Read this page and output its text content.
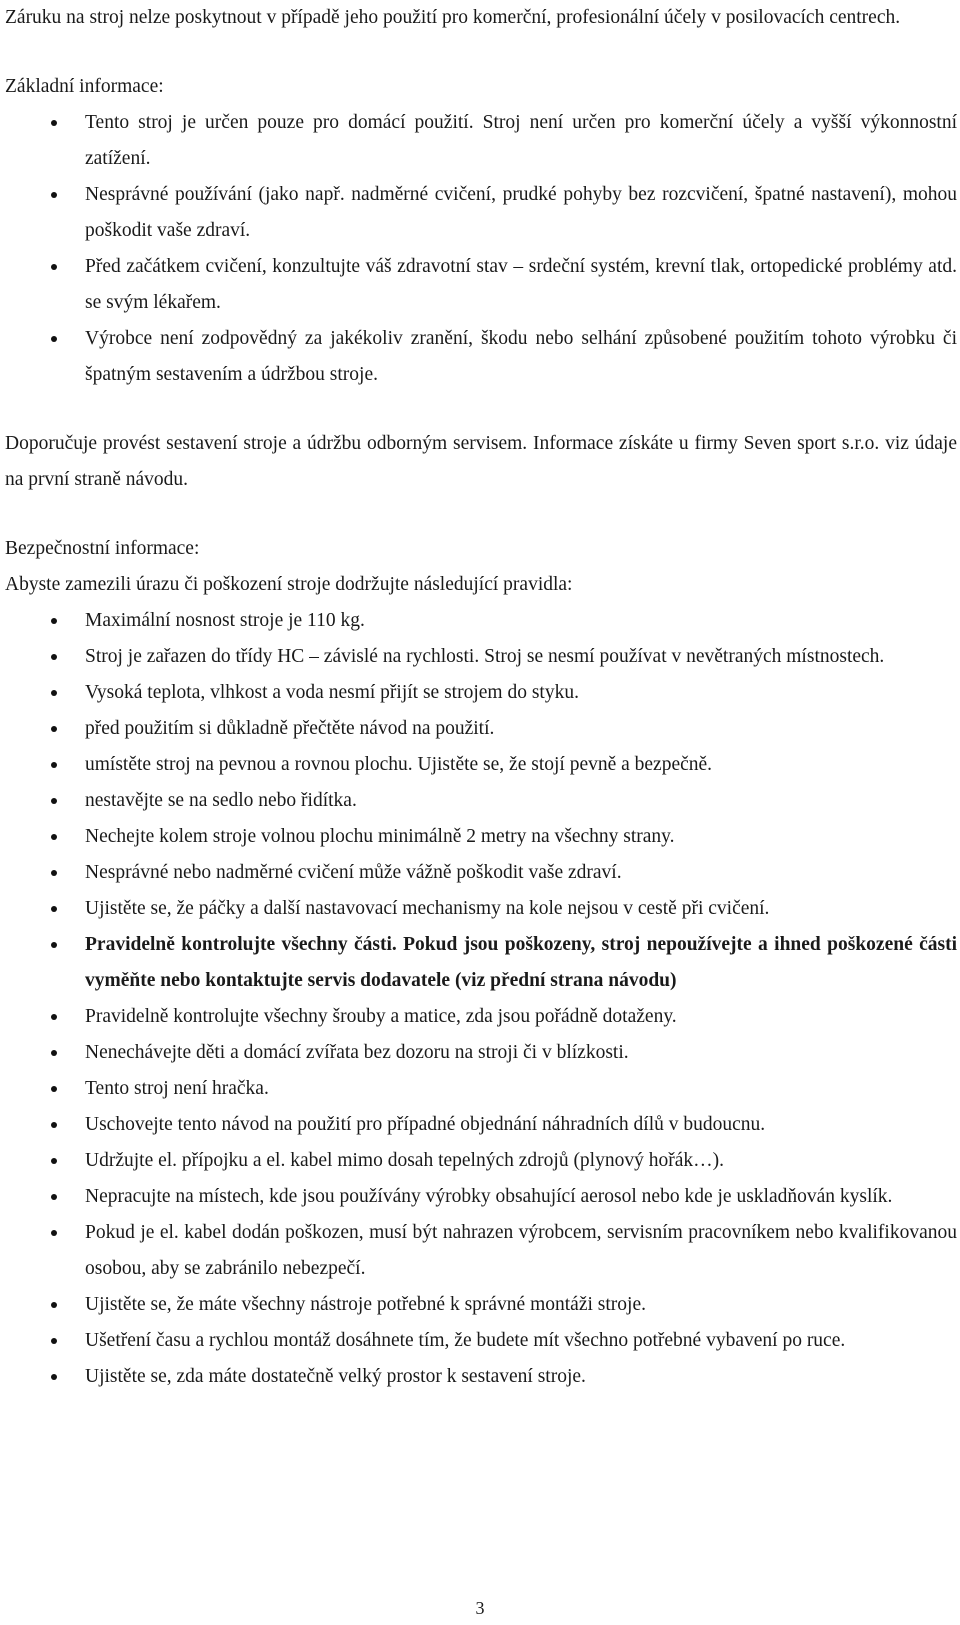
Záruku na stroj nelze poskytnout v případě jeho použití pro komerční, profesionální účely v posilovacích centrech.

Základní informace:

Tento stroj je určen pouze pro domácí použití. Stroj není určen pro komerční účely a vyšší výkonnostní zatížení.
Nesprávné používání (jako např. nadměrné cvičení, prudké pohyby bez rozcvičení, špatné nastavení), mohou poškodit vaše zdraví.
Před začátkem cvičení, konzultujte váš zdravotní stav – srdeční systém, krevní tlak, ortopedické problémy atd. se svým lékařem.
Výrobce není zodpovědný za jakékoliv zranění, škodu nebo selhání způsobené použitím tohoto výrobku či špatným sestavením a údržbou stroje.

Doporučuje provést sestavení stroje a údržbu odborným servisem. Informace získáte u firmy Seven sport s.r.o. viz údaje na první straně návodu.

Bezpečnostní informace:

Abyste zamezili úrazu či poškození stroje dodržujte následující pravidla:

Maximální nosnost stroje je 110 kg.
Stroj je zařazen do třídy HC – závislé na rychlosti. Stroj se nesmí používat v nevětraných místnostech.
Vysoká teplota, vlhkost a voda nesmí přijít se strojem do styku.
před použitím si důkladně přečtěte návod na použití.
umístěte stroj na pevnou a rovnou plochu. Ujistěte se, že stojí pevně a bezpečně.
nestavějte se na sedlo nebo řidítka.
Nechejte kolem stroje volnou plochu minimálně 2 metry na všechny strany.
Nesprávné nebo nadměrné cvičení může vážně poškodit vaše zdraví.
Ujistěte se, že páčky a další nastavovací mechanismy na kole nejsou v cestě při cvičení.
Pravidelně kontrolujte všechny části. Pokud jsou poškozeny, stroj nepoužívejte a ihned poškozené části vyměňte nebo kontaktujte servis dodavatele (viz přední strana návodu)
Pravidelně kontrolujte všechny šrouby a matice, zda jsou pořádně dotaženy.
Nenechávejte děti a domácí zvířata bez dozoru na stroji či v blízkosti.
Tento stroj není hračka.
Uschovejte tento návod na použití pro případné objednání náhradních dílů v budoucnu.
Udržujte el. přípojku a el. kabel mimo dosah tepelných zdrojů (plynový hořák…).
Nepracujte na místech, kde jsou používány výrobky obsahující aerosol nebo kde je uskladňován kyslík.
Pokud je el. kabel dodán poškozen, musí být nahrazen výrobcem, servisním pracovníkem nebo kvalifikovanou osobou, aby se zabránilo nebezpečí.
Ujistěte se, že máte všechny nástroje potřebné k správné montáži stroje.
Ušetření času a rychlou montáž dosáhnete tím, že budete mít všechno potřebné vybavení po ruce.
Ujistěte se, zda máte dostatečně velký prostor k sestavení stroje.
3
